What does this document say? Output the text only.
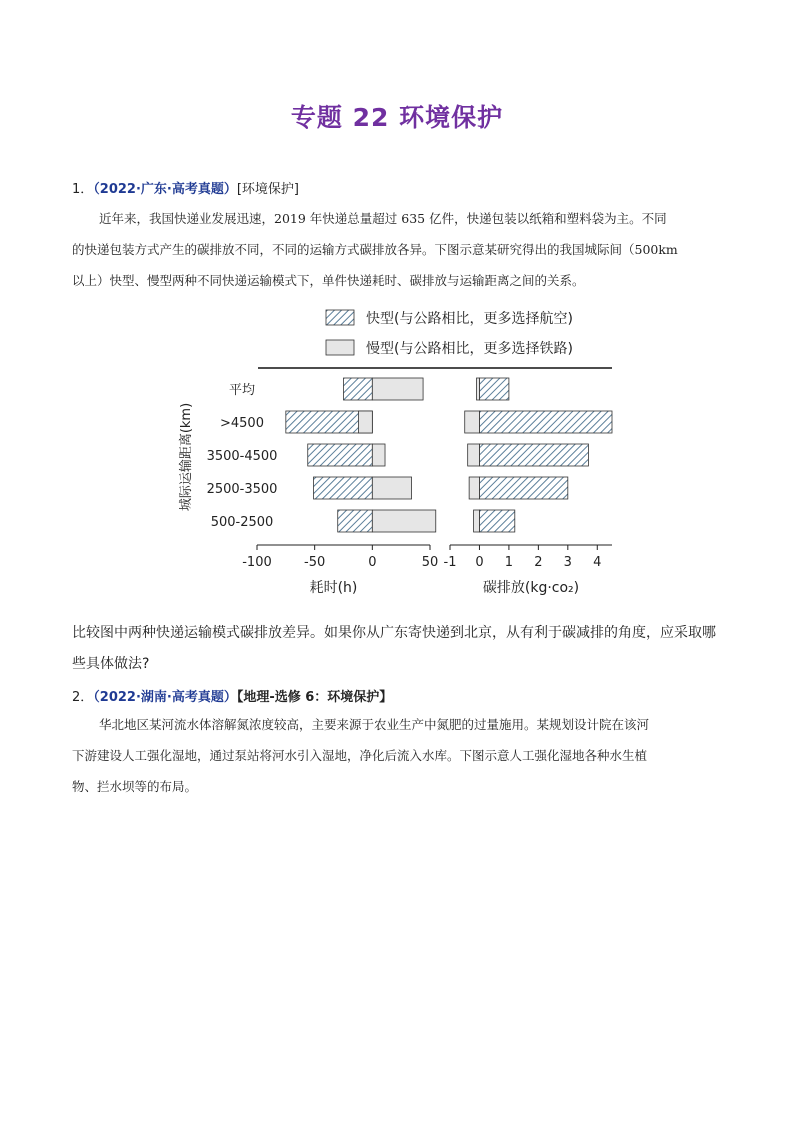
专题 22 环境保护
1．（2022·广东·高考真题）[环境保护]
近年来，我国快递业发展迅速，2019 年快递总量超过 635 亿件，快递包装以纸箱和塑料袋为主。不同
的快递包装方式产生的碳排放不同，不同的运输方式碳排放各异。下图示意某研究得出的我国城际间（500km
以上）快型、慢型两种不同快递运输模式下，单件快递耗时、碳排放与运输距离之间的关系。
快型(与公路相比，更多选择航空)
慢型(与公路相比，更多选择铁路)
城际运输距离(km)
平均
>4500
3500-4500
2500-3500
500-2500
-100 -50	0	50
耗时(h)
-1 0 1 2 3 4
碳排放(kg·co₂)
比较图中两种快递运输模式碳排放差异。如果你从广东寄快递到北京，从有利于碳减排的角度，应采取哪
些具体做法?
2．（2022·湖南·高考真题）【地理-选修 6：环境保护】
华北地区某河流水体溶解氮浓度较高，主要来源于农业生产中氮肥的过量施用。某规划设计院在该河
下游建设人工强化湿地，通过泵站将河水引入湿地，净化后流入水库。下图示意人工强化湿地各种水生植
物、拦水坝等的布局。
